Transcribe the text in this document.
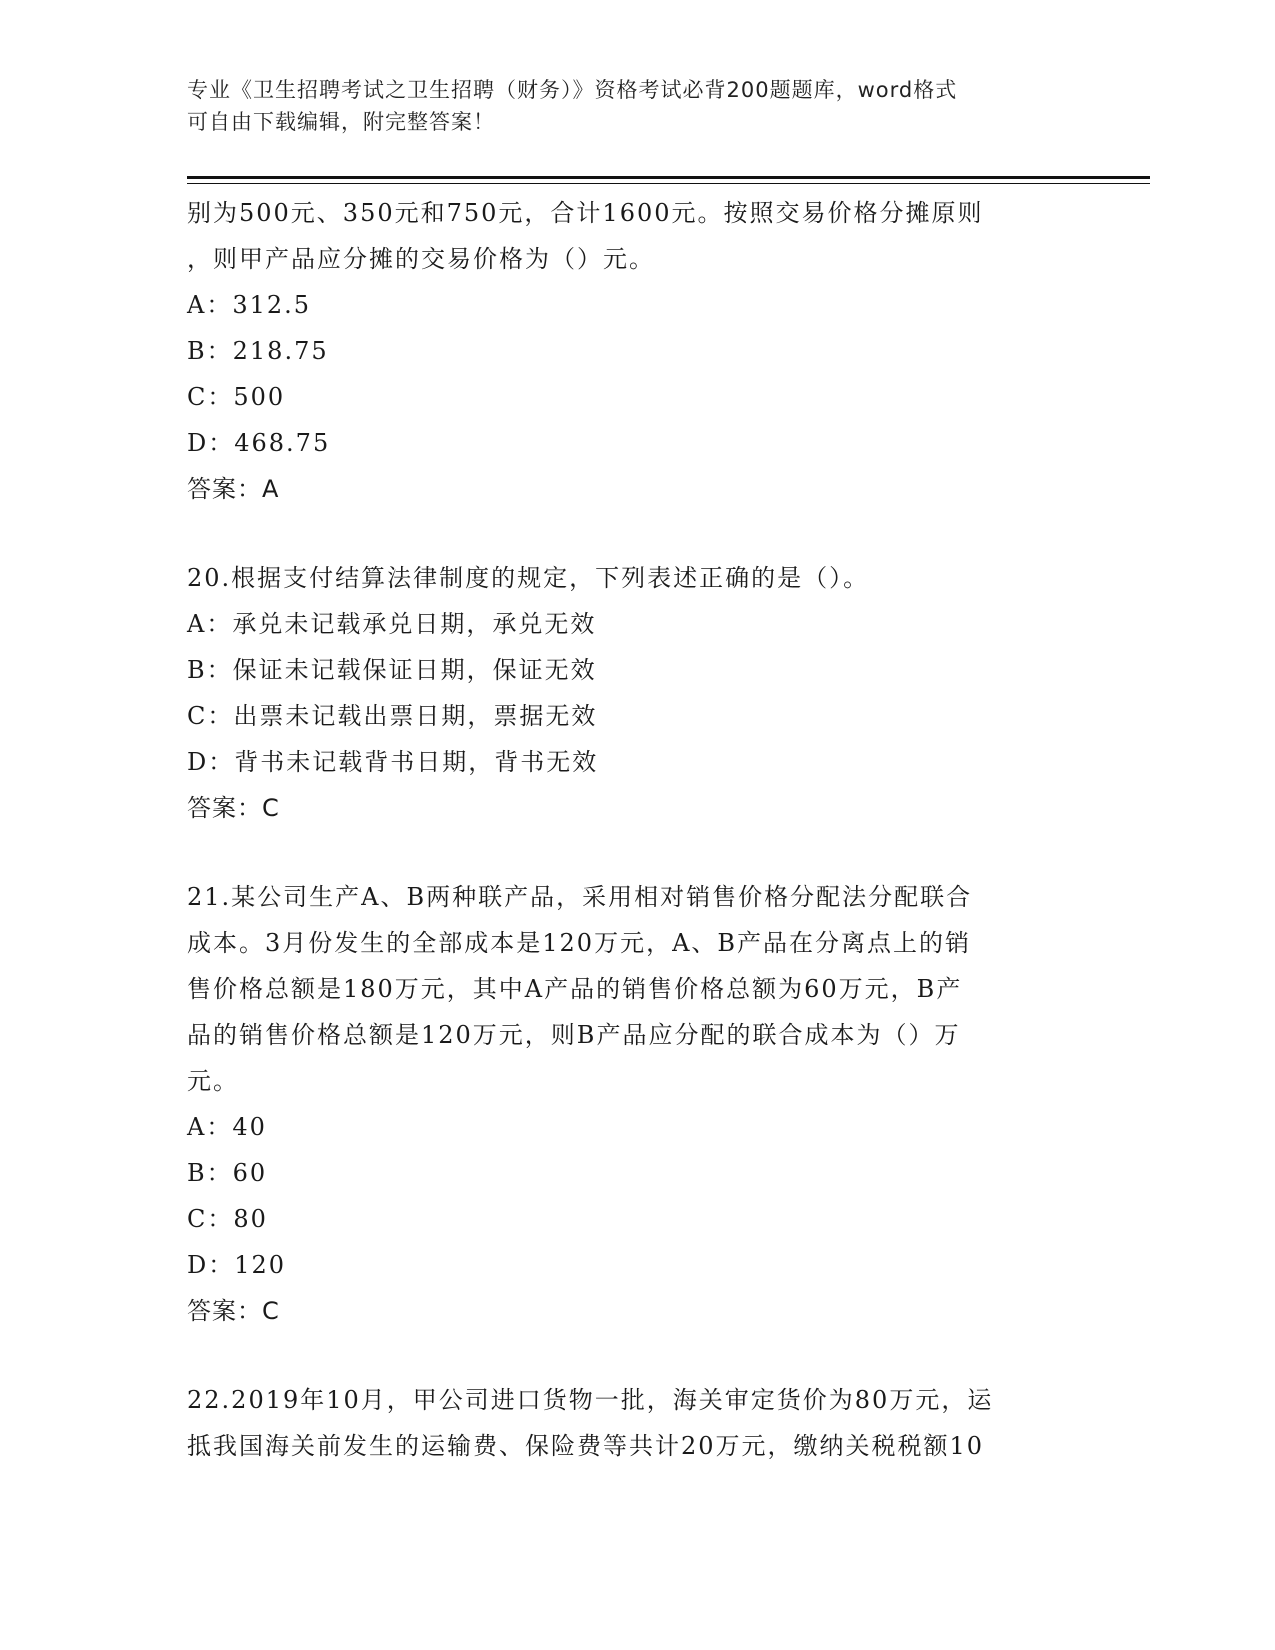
专业《卫生招聘考试之卫生招聘（财务）》资格考试必背200题题库，word格式
可自由下载编辑，附完整答案！
别为500元、350元和750元，合计1600元。按照交易价格分摊原则
，则甲产品应分摊的交易价格为（）元。
A：312.5
B：218.75
C：500
D：468.75
答案：A
20.根据支付结算法律制度的规定，下列表述正确的是（）。
A：承兑未记载承兑日期，承兑无效
B：保证未记载保证日期，保证无效
C：出票未记载出票日期，票据无效
D：背书未记载背书日期，背书无效
答案：C
21.某公司生产A、B两种联产品，采用相对销售价格分配法分配联合
成本。3月份发生的全部成本是120万元，A、B产品在分离点上的销
售价格总额是180万元，其中A产品的销售价格总额为60万元，B产
品的销售价格总额是120万元，则B产品应分配的联合成本为（）万
元。
A：40
B：60
C：80
D：120
答案：C
22.2019年10月，甲公司进口货物一批，海关审定货价为80万元，运
抵我国海关前发生的运输费、保险费等共计20万元，缴纳关税税额10
